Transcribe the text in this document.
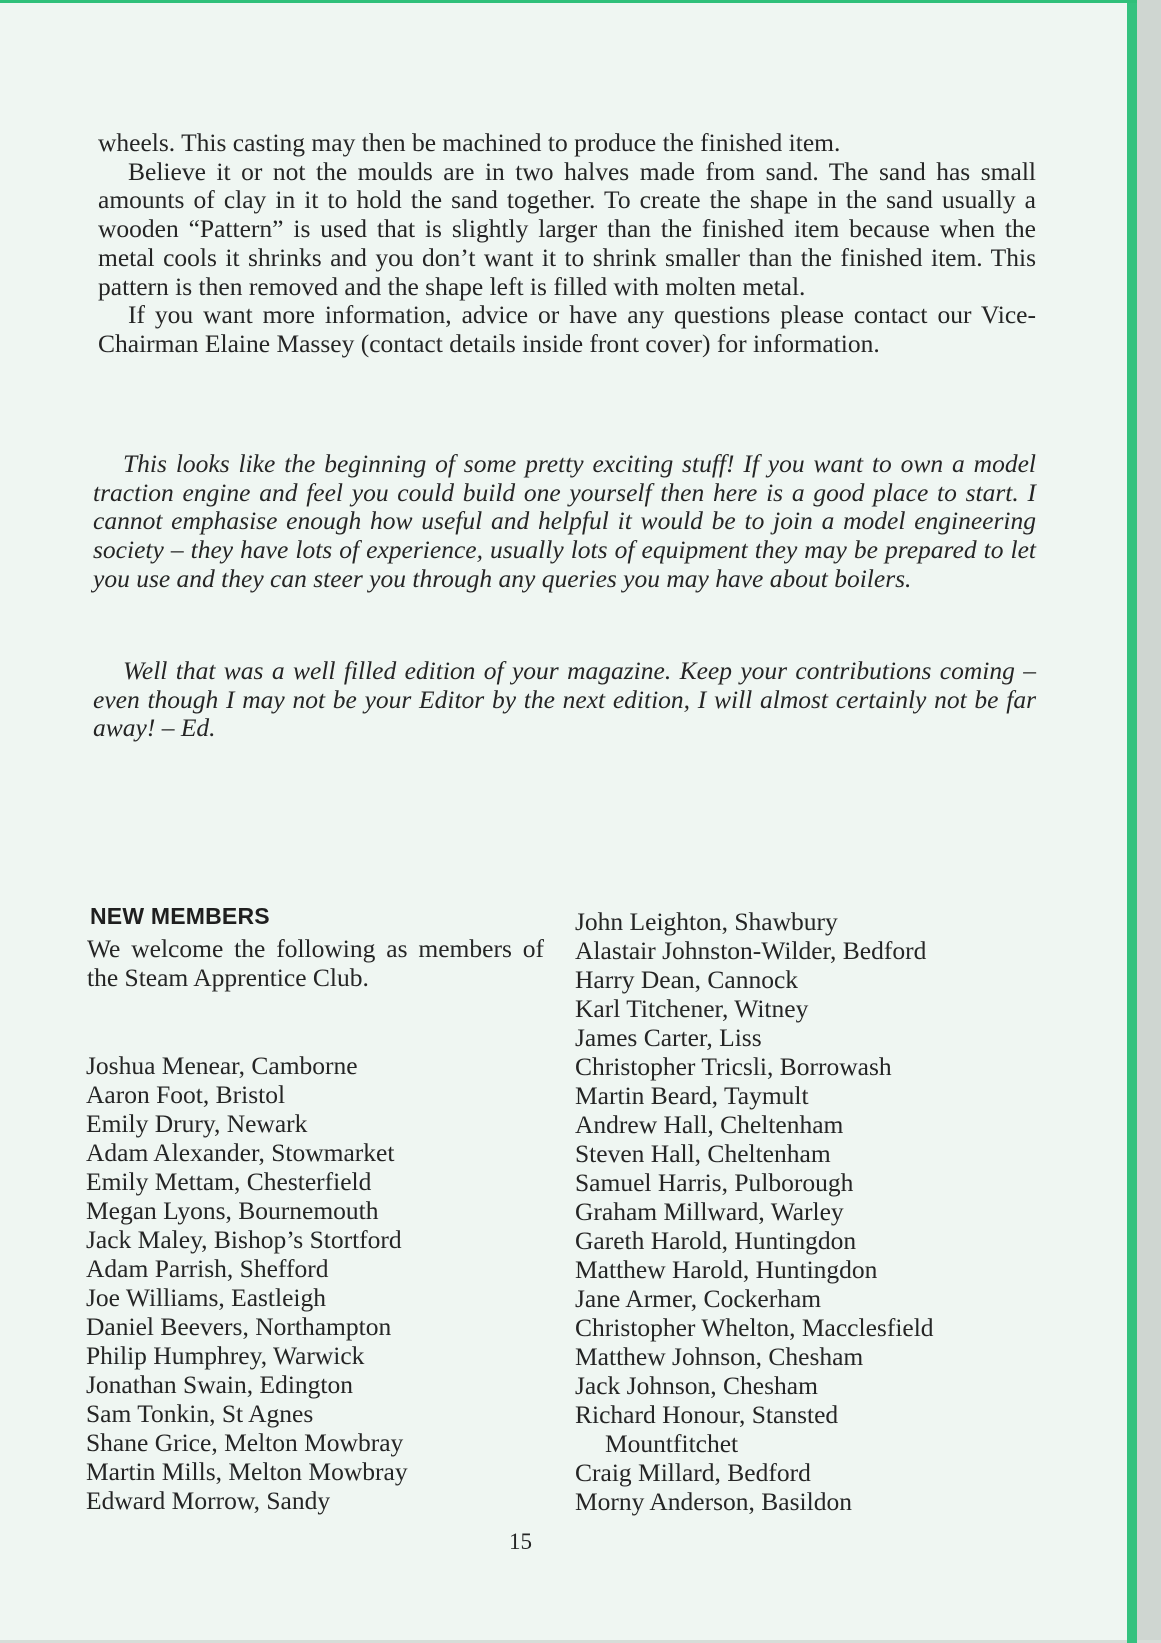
wheels. This casting may then be machined to produce the finished item.

Believe it or not the moulds are in two halves made from sand. The sand has small amounts of clay in it to hold the sand together. To create the shape in the sand usually a wooden “Pattern” is used that is slightly larger than the finished item because when the metal cools it shrinks and you don’t want it to shrink smaller than the finished item. This pattern is then removed and the shape left is filled with molten metal.

If you want more information, advice or have any questions please contact our Vice-Chairman Elaine Massey (contact details inside front cover) for information.

This looks like the beginning of some pretty exciting stuff! If you want to own a model traction engine and feel you could build one yourself then here is a good place to start. I cannot emphasise enough how useful and helpful it would be to join a model engineering society – they have lots of experience, usually lots of equipment they may be prepared to let you use and they can steer you through any queries you may have about boilers.

Well that was a well filled edition of your magazine. Keep your contributions coming – even though I may not be your Editor by the next edition, I will almost certainly not be far away! – Ed.

NEW MEMBERS

We welcome the following as members of the Steam Apprentice Club.

Joshua Menear, Camborne
Aaron Foot, Bristol
Emily Drury, Newark
Adam Alexander, Stowmarket
Emily Mettam, Chesterfield
Megan Lyons, Bournemouth
Jack Maley, Bishop’s Stortford
Adam Parrish, Shefford
Joe Williams, Eastleigh
Daniel Beevers, Northampton
Philip Humphrey, Warwick
Jonathan Swain, Edington
Sam Tonkin, St Agnes
Shane Grice, Melton Mowbray
Martin Mills, Melton Mowbray
Edward Morrow, Sandy
John Leighton, Shawbury
Alastair Johnston-Wilder, Bedford
Harry Dean, Cannock
Karl Titchener, Witney
James Carter, Liss
Christopher Tricsli, Borrowash
Martin Beard, Taymult
Andrew Hall, Cheltenham
Steven Hall, Cheltenham
Samuel Harris, Pulborough
Graham Millward, Warley
Gareth Harold, Huntingdon
Matthew Harold, Huntingdon
Jane Armer, Cockerham
Christopher Whelton, Macclesfield
Matthew Johnson, Chesham
Jack Johnson, Chesham
Richard Honour, Stansted
Mountfitchet
Craig Millard, Bedford
Morny Anderson, Basildon
15
